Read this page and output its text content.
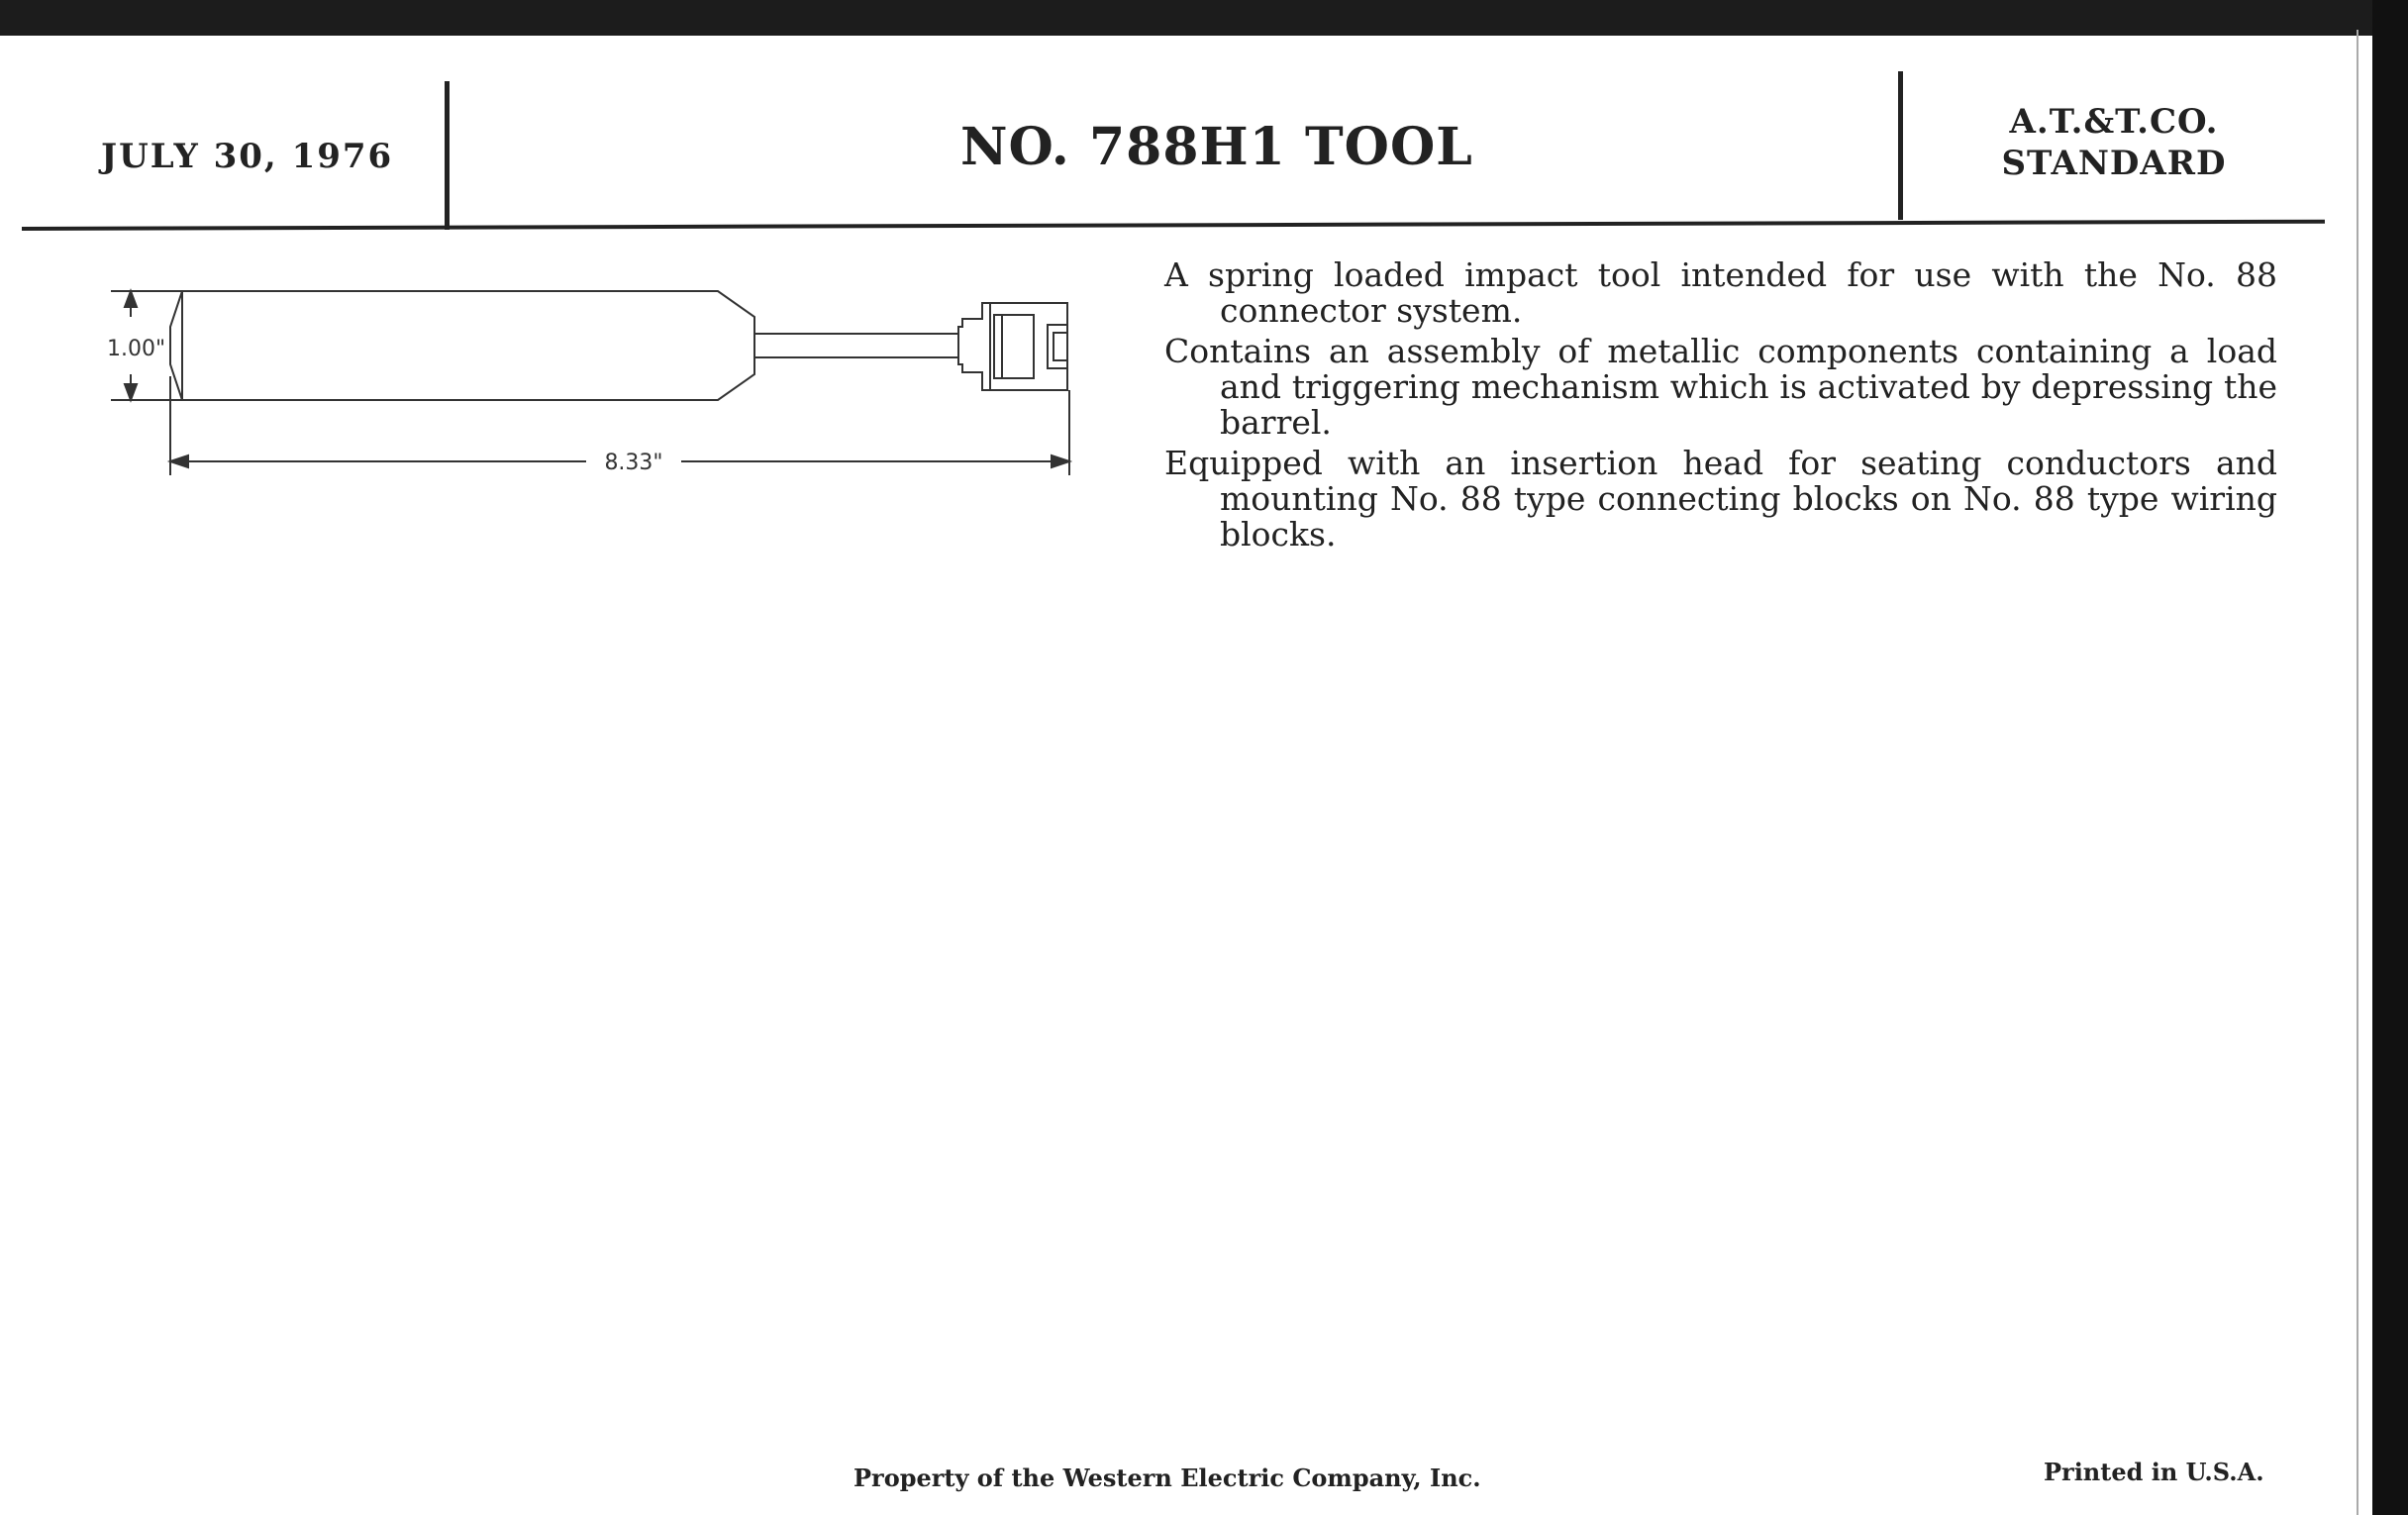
JULY 30, 1976	NO. 788H1 TOOL	A.T.&T.CO.
STANDARD
1.00"
8.33"

A spring loaded impact tool intended for use with the No. 88 connector system.

Contains an assembly of metallic components containing a load and triggering mechanism which is activated by depressing the barrel.

Equipped with an insertion head for seating conductors and mounting No. 88 type connecting blocks on No. 88 type wiring blocks.

Property of the Western Electric Company, Inc.	Printed in U.S.A.
